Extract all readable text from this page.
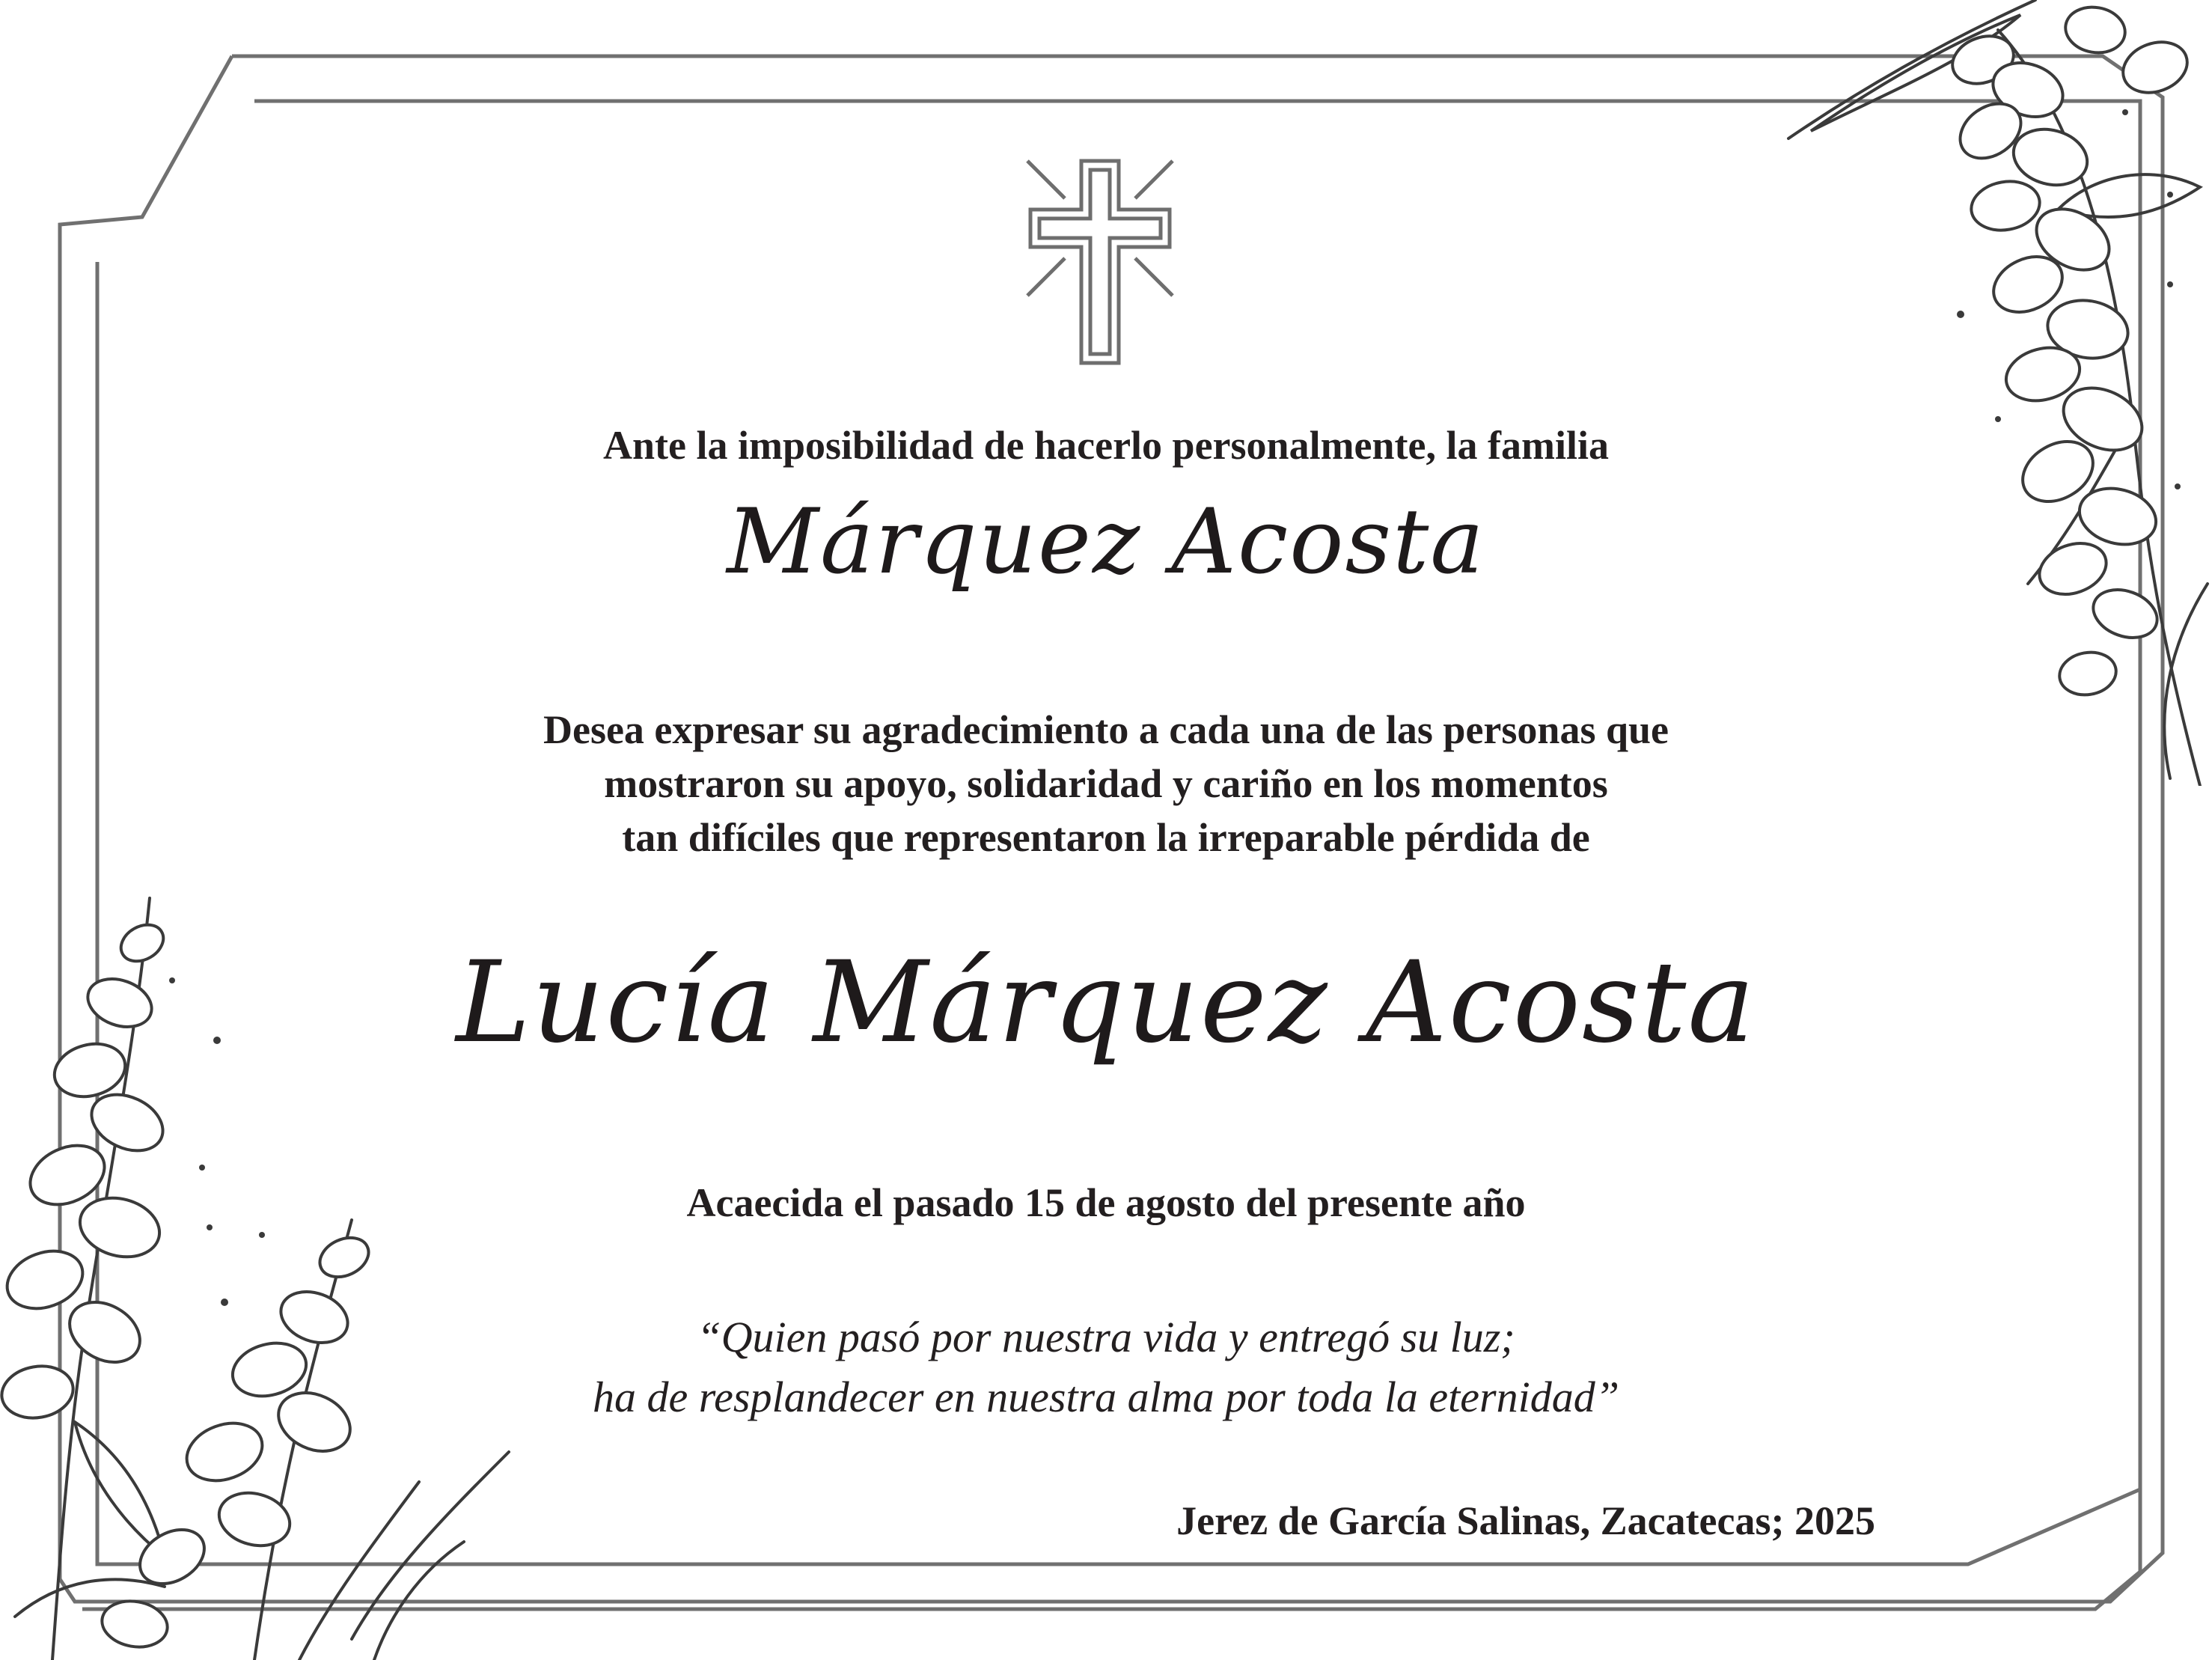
Ante la imposibilidad de hacerlo personalmente, la familia
Márquez Acosta
Desea expresar su agradecimiento a cada una de las personas que
mostraron su apoyo, solidaridad y cariño en los momentos
tan difíciles que representaron la irreparable pérdida de
Lucía Márquez Acosta
Acaecida el pasado 15 de agosto del presente año
“Quien pasó por nuestra vida y entregó su luz;
ha de resplandecer en nuestra alma por toda la eternidad”
Jerez de García Salinas, Zacatecas; 2025
